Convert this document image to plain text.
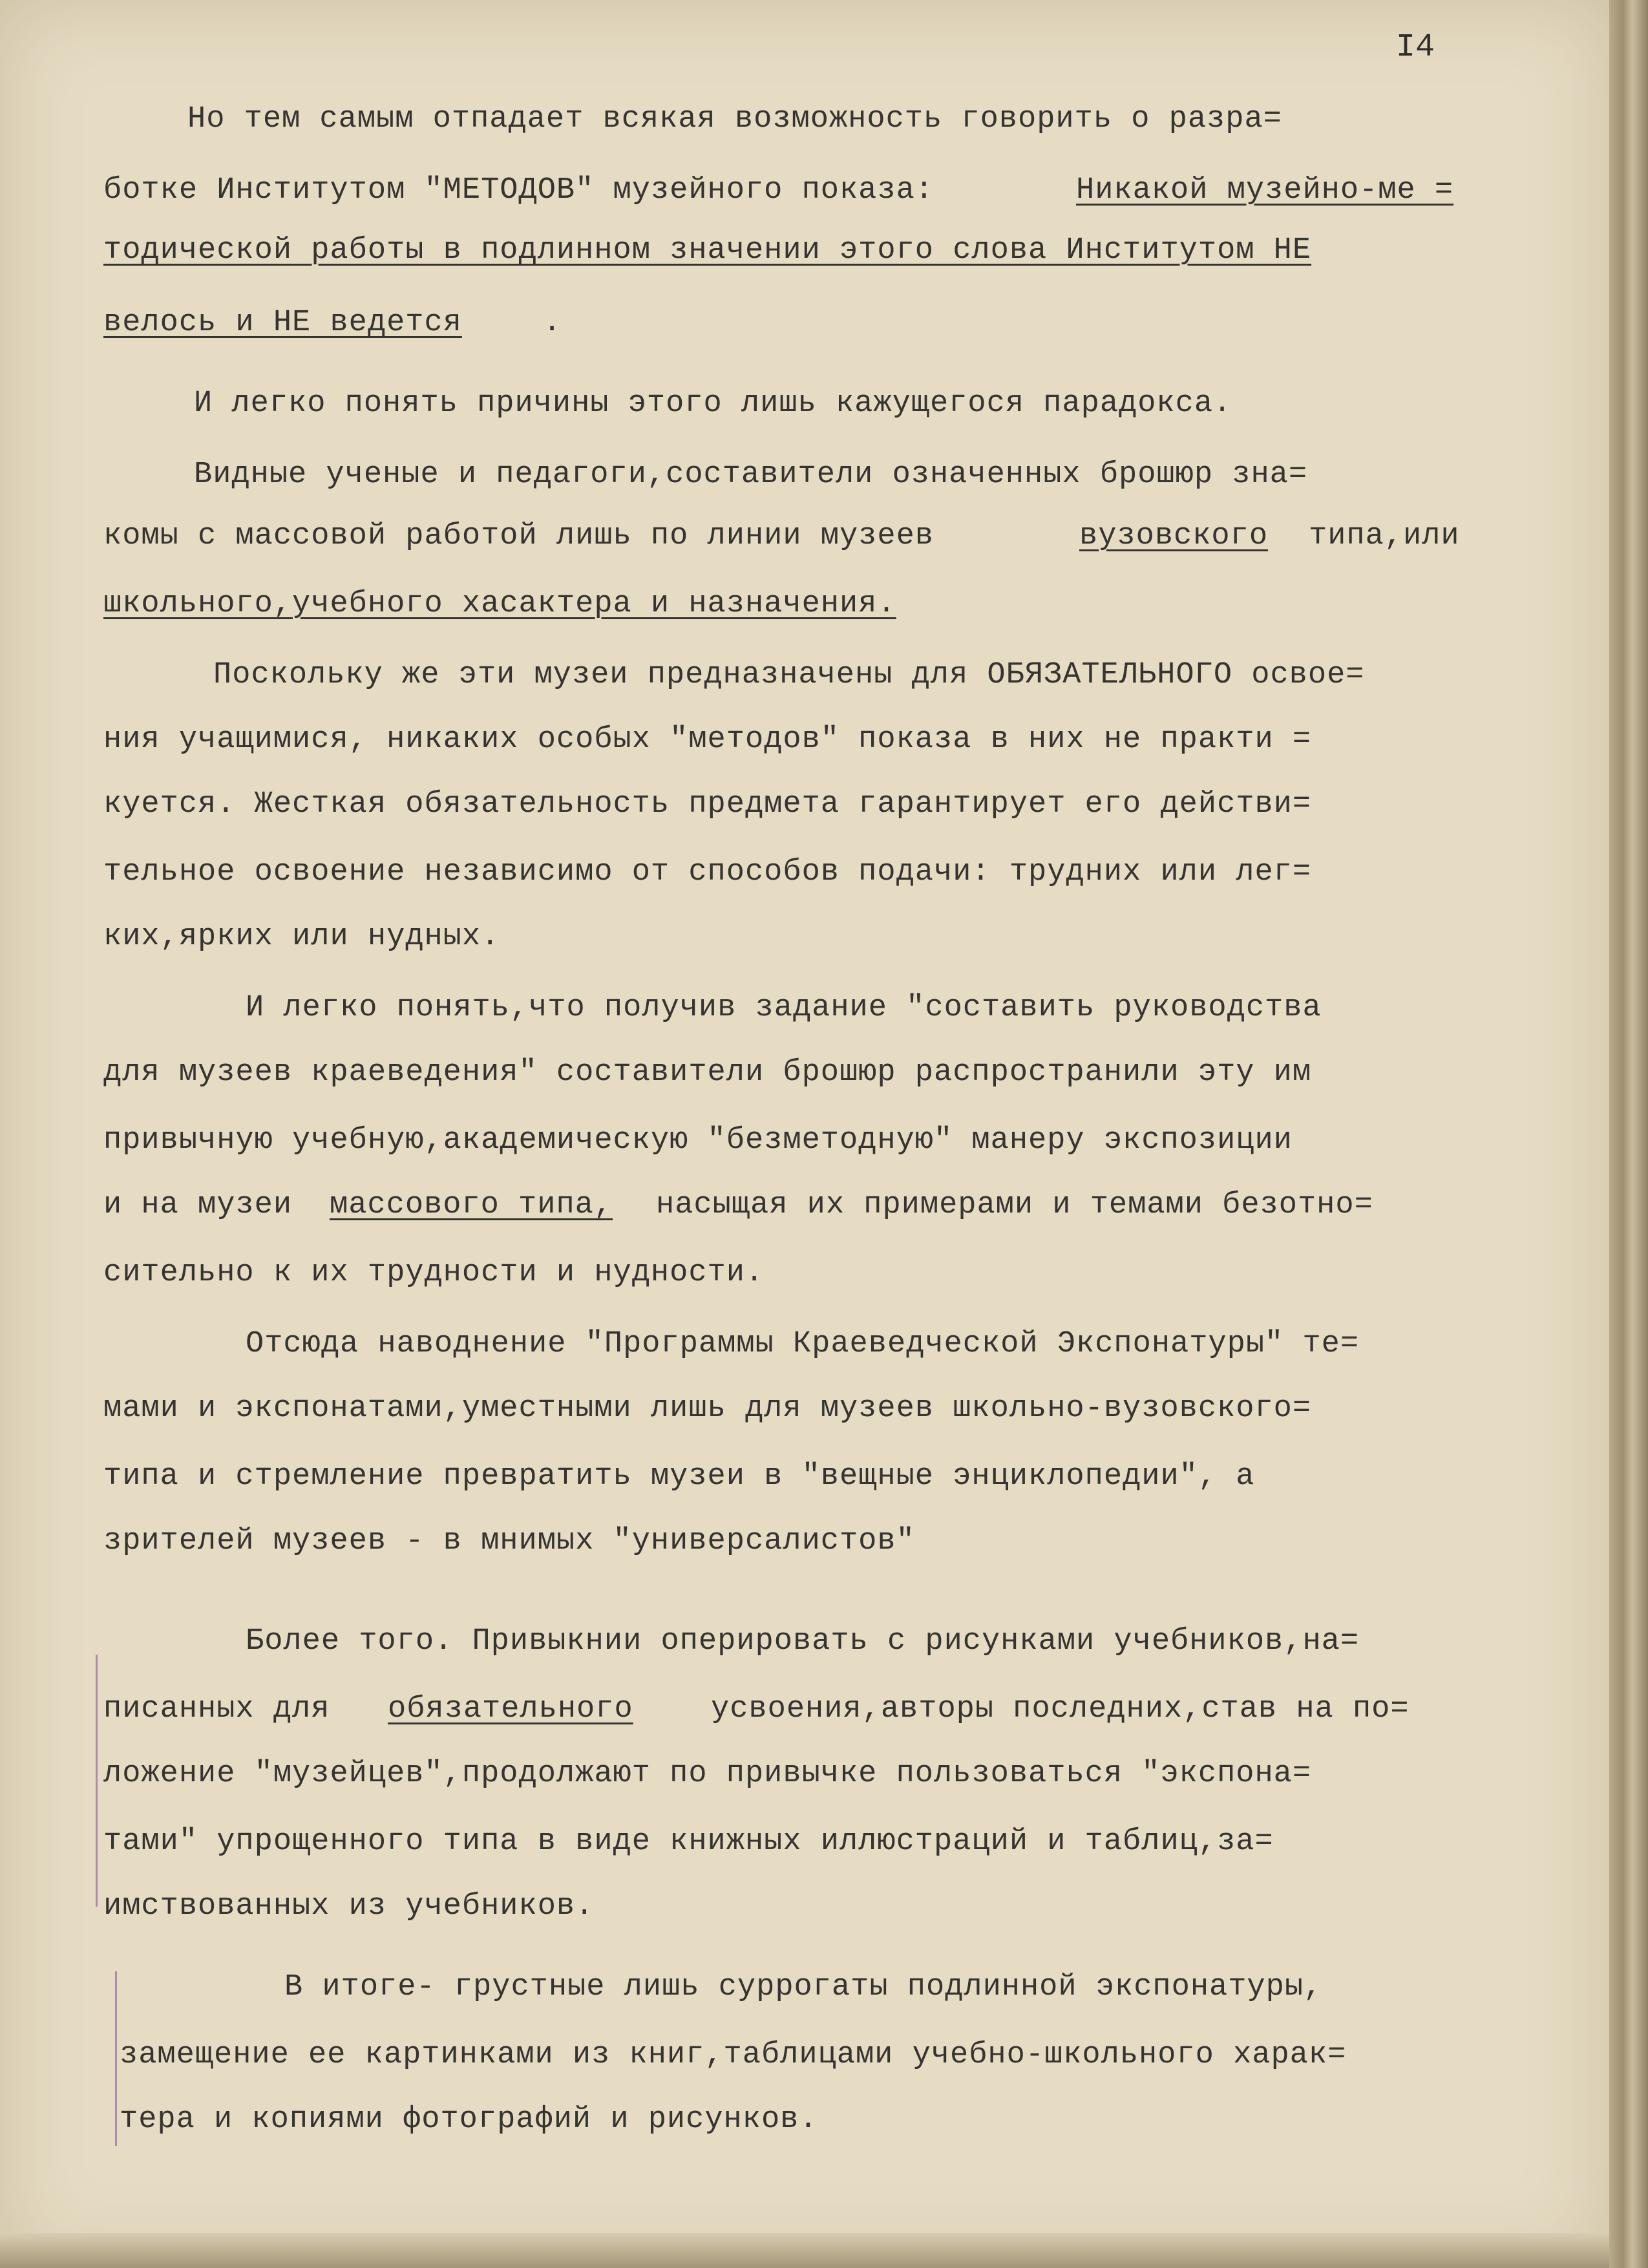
I4
Но тем самым отпадает всякая возможность говорить о разра=
ботке Институтом "МЕТОДОВ" музейного показа:	Никакой музейно-ме =
тодической работы в подлинном значении этого слова Институтом НЕ
велось и НЕ ведется	.
И легко понять причины этого лишь кажущегося парадокса.
Видные ученые и педагоги,составители означенных брошюр зна=
комы с массовой работой лишь по линии музеев	вузовского типа,или
школьного,учебного хасактера и назначения.
Поскольку же эти музеи предназначены для ОБЯЗАТЕЛЬНОГО освое=
ния учащимися, никаких особых "методов" показа в них не практи =
куется. Жесткая обязательность предмета гарантирует его действи=
тельное освоение независимо от способов подачи: трудних или лег=
ких,ярких или нудных.
И легко понять,что получив задание "составить руководства
для музеев краеведения" составители брошюр распространили эту им
привычную учебную,академическую "безметодную" манеру экспозиции
и на музеи массового типа, насыщая их примерами и темами безотно=
сительно к их трудности и нудности.
Отсюда наводнение "Программы Краеведческой Экспонатуры" те=
мами и экспонатами,уместными лишь для музеев школьно-вузовского=
типа и стремление превратить музеи в "вещные энциклопедии", а
зрителей музеев - в мнимых "универсалистов"
Более того. Привыкнии оперировать с рисунками учебников,на=
писанных для обязательного	усвоения,авторы последних,став на по=
ложение "музейцев",продолжают по привычке пользоваться "экспона=
тами" упрощенного типа в виде книжных иллюстраций и таблиц,за=
имствованных из учебников.
В итоге- грустные лишь суррогаты подлинной экспонатуры,
замещение ее картинками из книг,таблицами учебно-школьного харак=
тера и копиями фотографий и рисунков.
